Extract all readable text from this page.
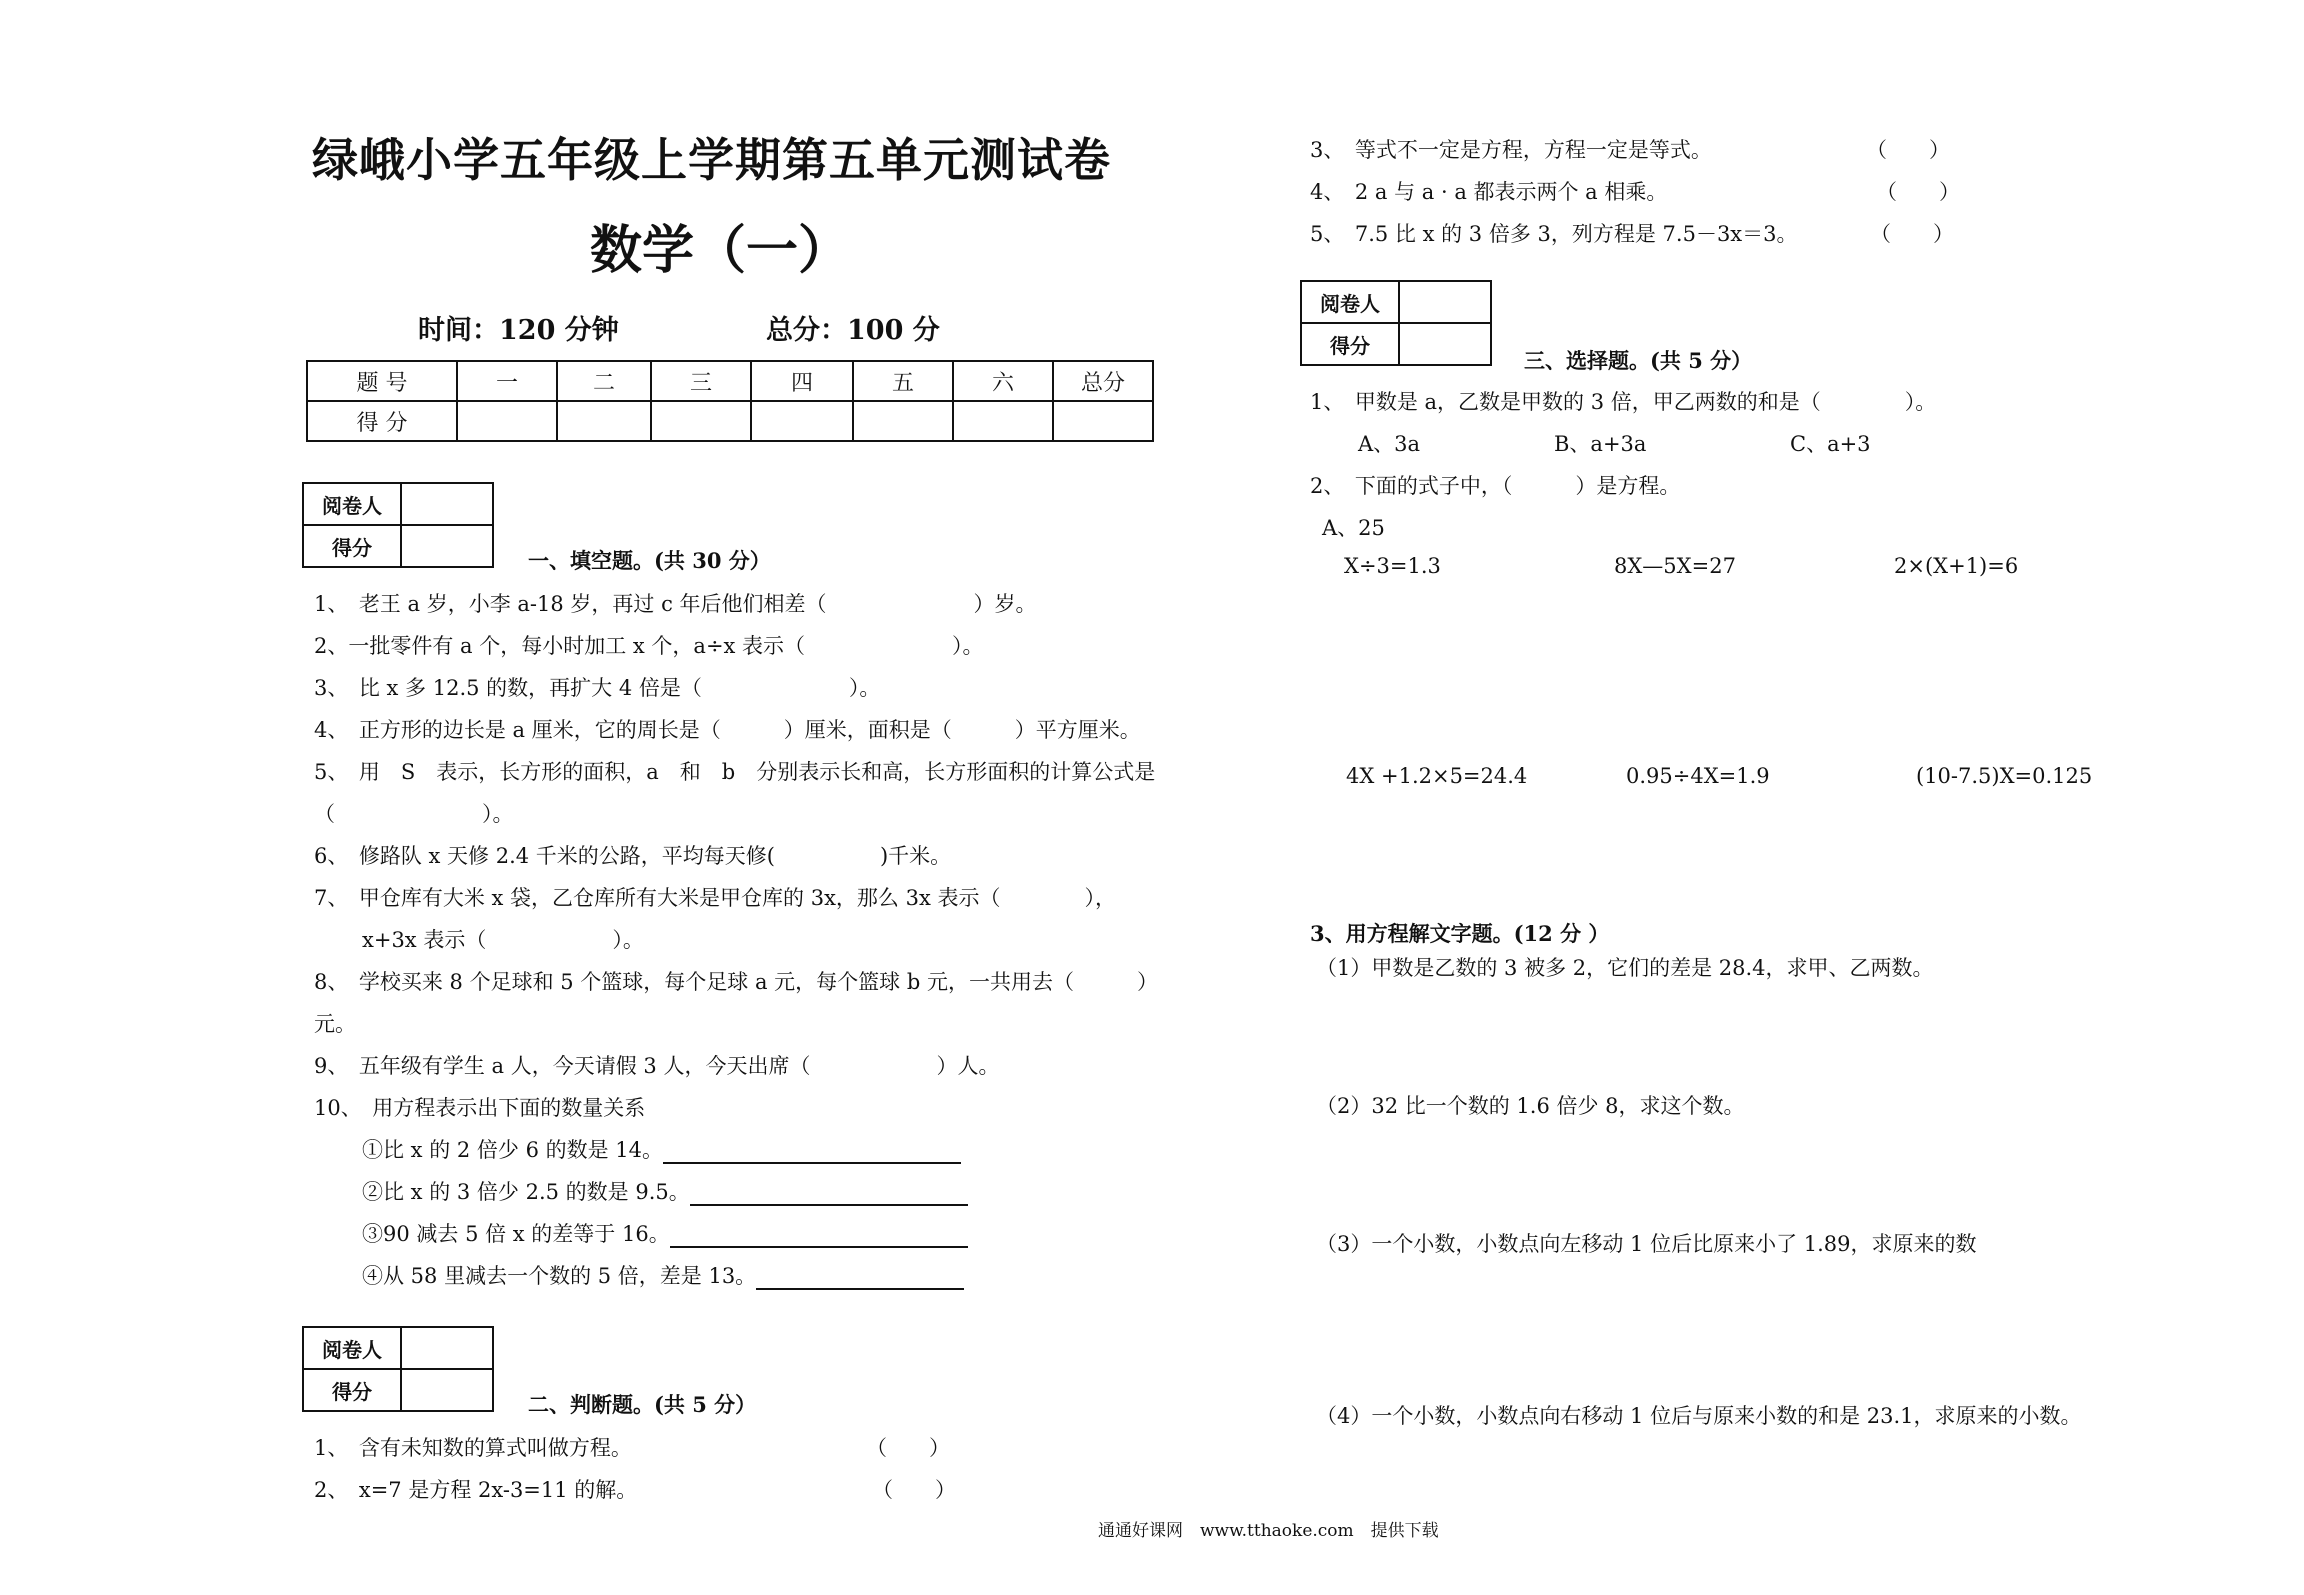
绿峨小学五年级上学期第五单元测试卷
数学（一）
时间：120 分钟	总分：100 分
题 号	一	二	三	四	五	六	总分
得 分							
阅卷人	
得分	
一、填空题。(共 30 分）
1、　老王 a 岁，小李 a-18 岁，再过 c 年后他们相差（　　　　　　　）岁。
2、一批零件有 a 个，每小时加工 x 个，a÷x 表示（　　　　　　　）。
3、　比 x 多 12.5 的数，再扩大 4 倍是（　　　　　　　）。
4、　正方形的边长是 a 厘米，它的周长是（　　　）厘米，面积是（　　　）平方厘米。
5、　用　S　表示，长方形的面积，a　和　b　分别表示长和高，长方形面积的计算公式是
（　　　　　　　）。
6、　修路队 x 天修 2.4 千米的公路，平均每天修(　　　　　)千米。
7、　甲仓库有大米 x 袋，乙仓库所有大米是甲仓库的 3x，那么 3x 表示（　　　　），
x+3x 表示（　　　　　　）。
8、　学校买来 8 个足球和 5 个篮球，每个足球 a 元，每个篮球 b 元，一共用去（　　　）
元。
9、　五年级有学生 a 人，今天请假 3 人，今天出席（　　　　　　）人。
10、　用方程表示出下面的数量关系
①比 x 的 2 倍少 6 的数是 14。
②比 x 的 3 倍少 2.5 的数是 9.5。
③90 减去 5 倍 x 的差等于 16。
④从 58 里减去一个数的 5 倍，差是 13。
阅卷人	
得分	
二、判断题。(共 5 分）
1、　含有未知数的算式叫做方程。	（　　）
2、　x=7 是方程 2x-3=11 的解。	（　　）
3、　等式不一定是方程，方程一定是等式。	（　　）
4、　2 a 与 a · a 都表示两个 a 相乘。	（　　）
5、　7.5 比 x 的 3 倍多 3，列方程是 7.5－3x＝3。	（　　）
阅卷人	
得分	
三、选择题。(共 5 分）
1、　甲数是 a，乙数是甲数的 3 倍，甲乙两数的和是（　　　　）。
A、3a	B、a+3a	C、a+3
2、　下面的式子中，（　　　）是方程。
A、25
X÷3=1.3	8X—5X=27	2×(X+1)=6
4X +1.2×5=24.4	0.95÷4X=1.9	(10-7.5)X=0.125
3、用方程解文字题。(12 分 ）
（1）甲数是乙数的 3 被多 2，它们的差是 28.4，求甲、乙两数。
（2）32 比一个数的 1.6 倍少 8，求这个数。
（3）一个小数，小数点向左移动 1 位后比原来小了 1.89，求原来的数
（4）一个小数，小数点向右移动 1 位后与原来小数的和是 23.1，求原来的小数。
通通好课网　www.tthaoke.com　提供下载
